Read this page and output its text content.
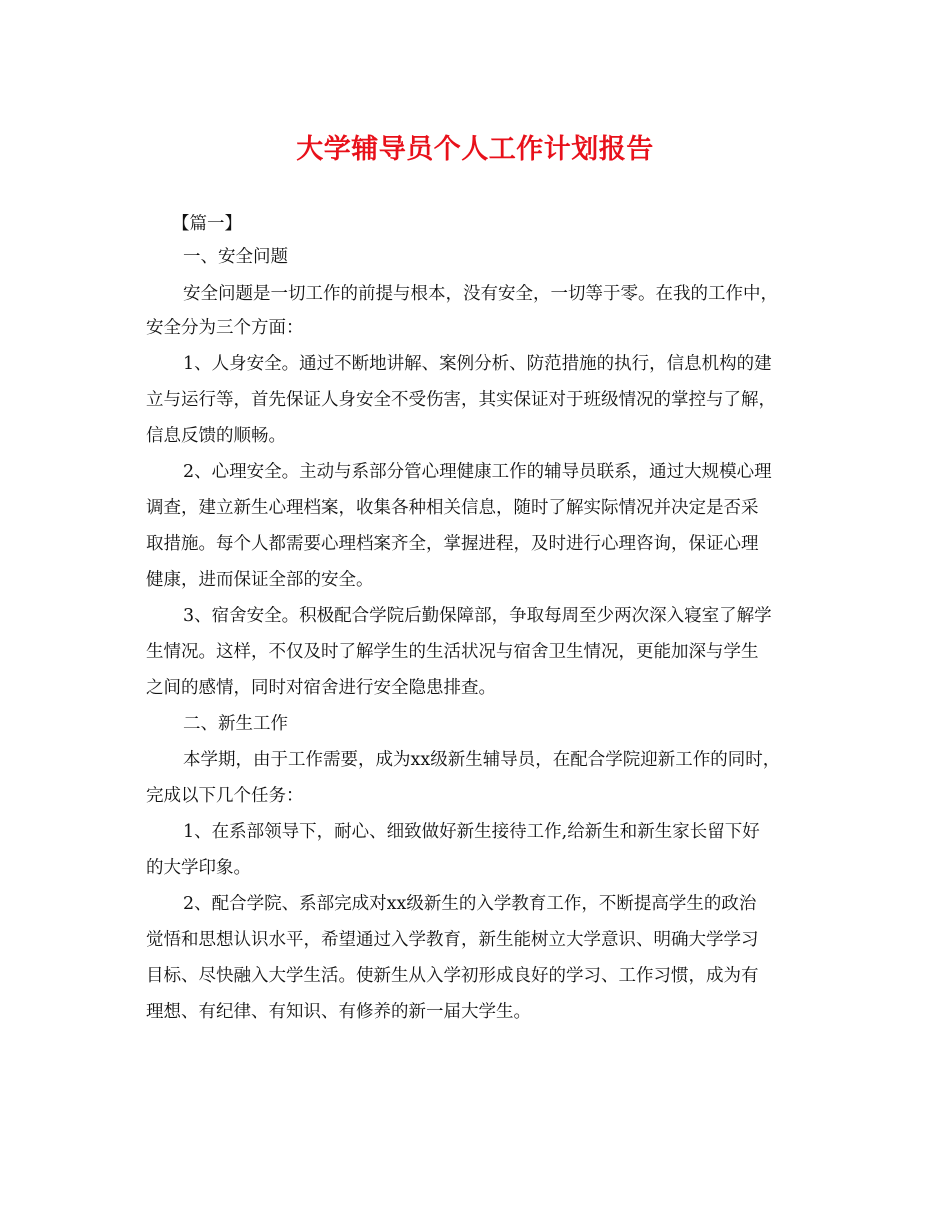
大学辅导员个人工作计划报告
【篇一】
一、安全问题
安全问题是一切工作的前提与根本，没有安全，一切等于零。在我的工作中，
安全分为三个方面：
1、人身安全。通过不断地讲解、案例分析、防范措施的执行，信息机构的建
立与运行等，首先保证人身安全不受伤害，其实保证对于班级情况的掌控与了解，
信息反馈的顺畅。
2、心理安全。主动与系部分管心理健康工作的辅导员联系，通过大规模心理
调查，建立新生心理档案，收集各种相关信息，随时了解实际情况并决定是否采
取措施。每个人都需要心理档案齐全，掌握进程，及时进行心理咨询，保证心理
健康，进而保证全部的安全。
3、宿舍安全。积极配合学院后勤保障部，争取每周至少两次深入寝室了解学
生情况。这样，不仅及时了解学生的生活状况与宿舍卫生情况，更能加深与学生
之间的感情，同时对宿舍进行安全隐患排查。
二、新生工作
本学期，由于工作需要，成为xx级新生辅导员，在配合学院迎新工作的同时，
完成以下几个任务：
1、在系部领导下，耐心、细致做好新生接待工作,给新生和新生家长留下好
的大学印象。
2、配合学院、系部完成对xx级新生的入学教育工作，不断提高学生的政治
觉悟和思想认识水平，希望通过入学教育，新生能树立大学意识、明确大学学习
目标、尽快融入大学生活。使新生从入学初形成良好的学习、工作习惯，成为有
理想、有纪律、有知识、有修养的新一届大学生。
